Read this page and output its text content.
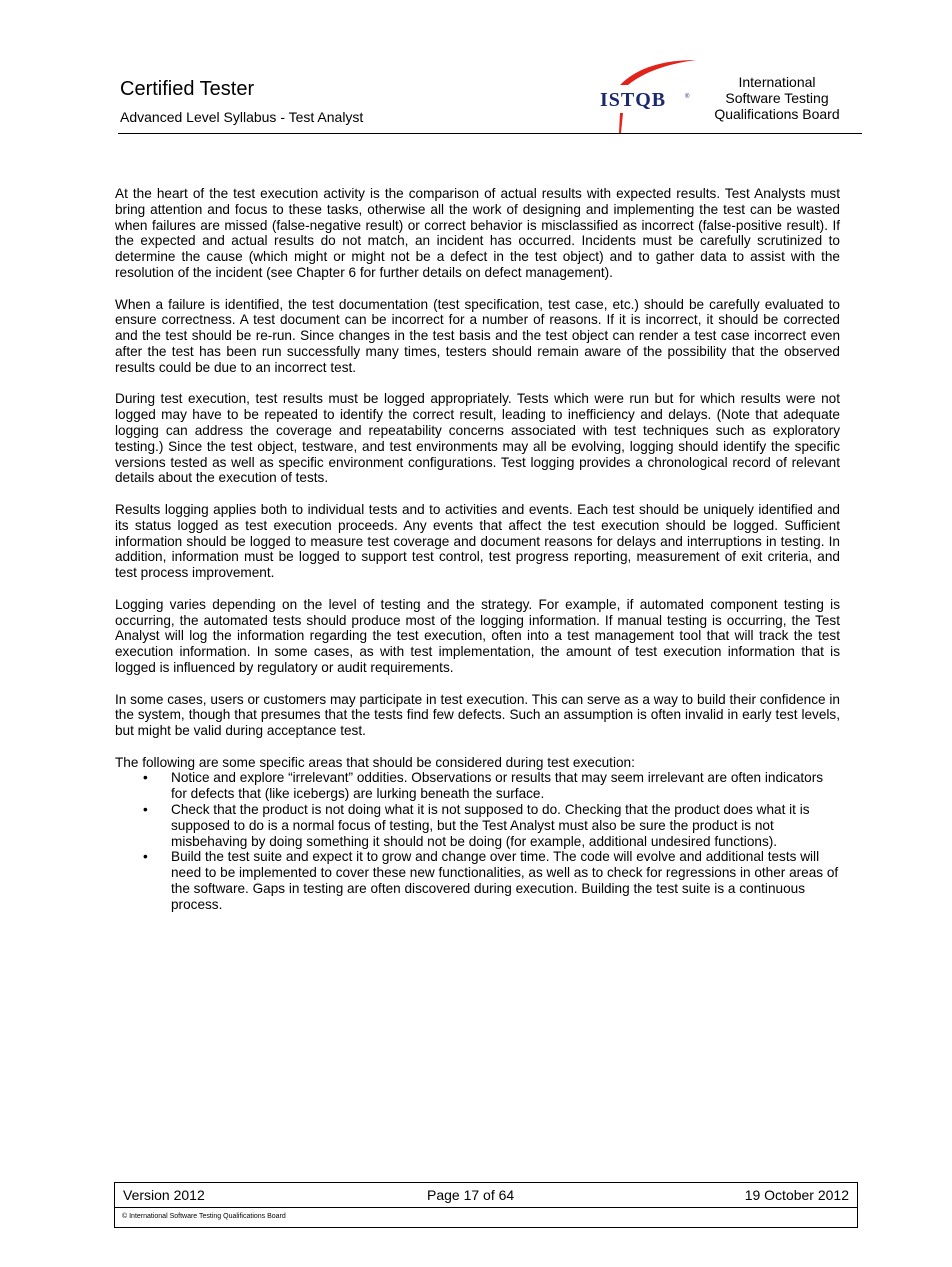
Certified Tester
Advanced Level Syllabus - Test Analyst
ISTQB	®
International
Software Testing
Qualifications Board

At the heart of the test execution activity is the comparison of actual results with expected results. Test Analysts must bring attention and focus to these tasks, otherwise all the work of designing and implementing the test can be wasted when failures are missed (false-negative result) or correct behavior is misclassified as incorrect (false-positive result). If the expected and actual results do not match, an incident has occurred. Incidents must be carefully scrutinized to determine the cause (which might or might not be a defect in the test object) and to gather data to assist with the resolution of the incident (see Chapter 6 for further details on defect management).

When a failure is identified, the test documentation (test specification, test case, etc.) should be carefully evaluated to ensure correctness. A test document can be incorrect for a number of reasons. If it is incorrect, it should be corrected and the test should be re-run. Since changes in the test basis and the test object can render a test case incorrect even after the test has been run successfully many times, testers should remain aware of the possibility that the observed results could be due to an incorrect test.

During test execution, test results must be logged appropriately. Tests which were run but for which results were not logged may have to be repeated to identify the correct result, leading to inefficiency and delays. (Note that adequate logging can address the coverage and repeatability concerns associated with test techniques such as exploratory testing.) Since the test object, testware, and test environments may all be evolving, logging should identify the specific versions tested as well as specific environment configurations. Test logging provides a chronological record of relevant details about the execution of tests.

Results logging applies both to individual tests and to activities and events. Each test should be uniquely identified and its status logged as test execution proceeds. Any events that affect the test execution should be logged. Sufficient information should be logged to measure test coverage and document reasons for delays and interruptions in testing. In addition, information must be logged to support test control, test progress reporting, measurement of exit criteria, and test process improvement.

Logging varies depending on the level of testing and the strategy. For example, if automated component testing is occurring, the automated tests should produce most of the logging information. If manual testing is occurring, the Test Analyst will log the information regarding the test execution, often into a test management tool that will track the test execution information. In some cases, as with test implementation, the amount of test execution information that is logged is influenced by regulatory or audit requirements.

In some cases, users or customers may participate in test execution. This can serve as a way to build their confidence in the system, though that presumes that the tests find few defects. Such an assumption is often invalid in early test levels, but might be valid during acceptance test.

The following are some specific areas that should be considered during test execution:

• Notice and explore “irrelevant” oddities. Observations or results that may seem irrelevant are often indicators for defects that (like icebergs) are lurking beneath the surface.
• Check that the product is not doing what it is not supposed to do. Checking that the product does what it is supposed to do is a normal focus of testing, but the Test Analyst must also be sure the product is not misbehaving by doing something it should not be doing (for example, additional undesired functions).
• Build the test suite and expect it to grow and change over time. The code will evolve and additional tests will need to be implemented to cover these new functionalities, as well as to check for regressions in other areas of the software. Gaps in testing are often discovered during execution. Building the test suite is a continuous process.
Version 2012	Page 17 of 64	19 October 2012
© International Software Testing Qualifications Board
